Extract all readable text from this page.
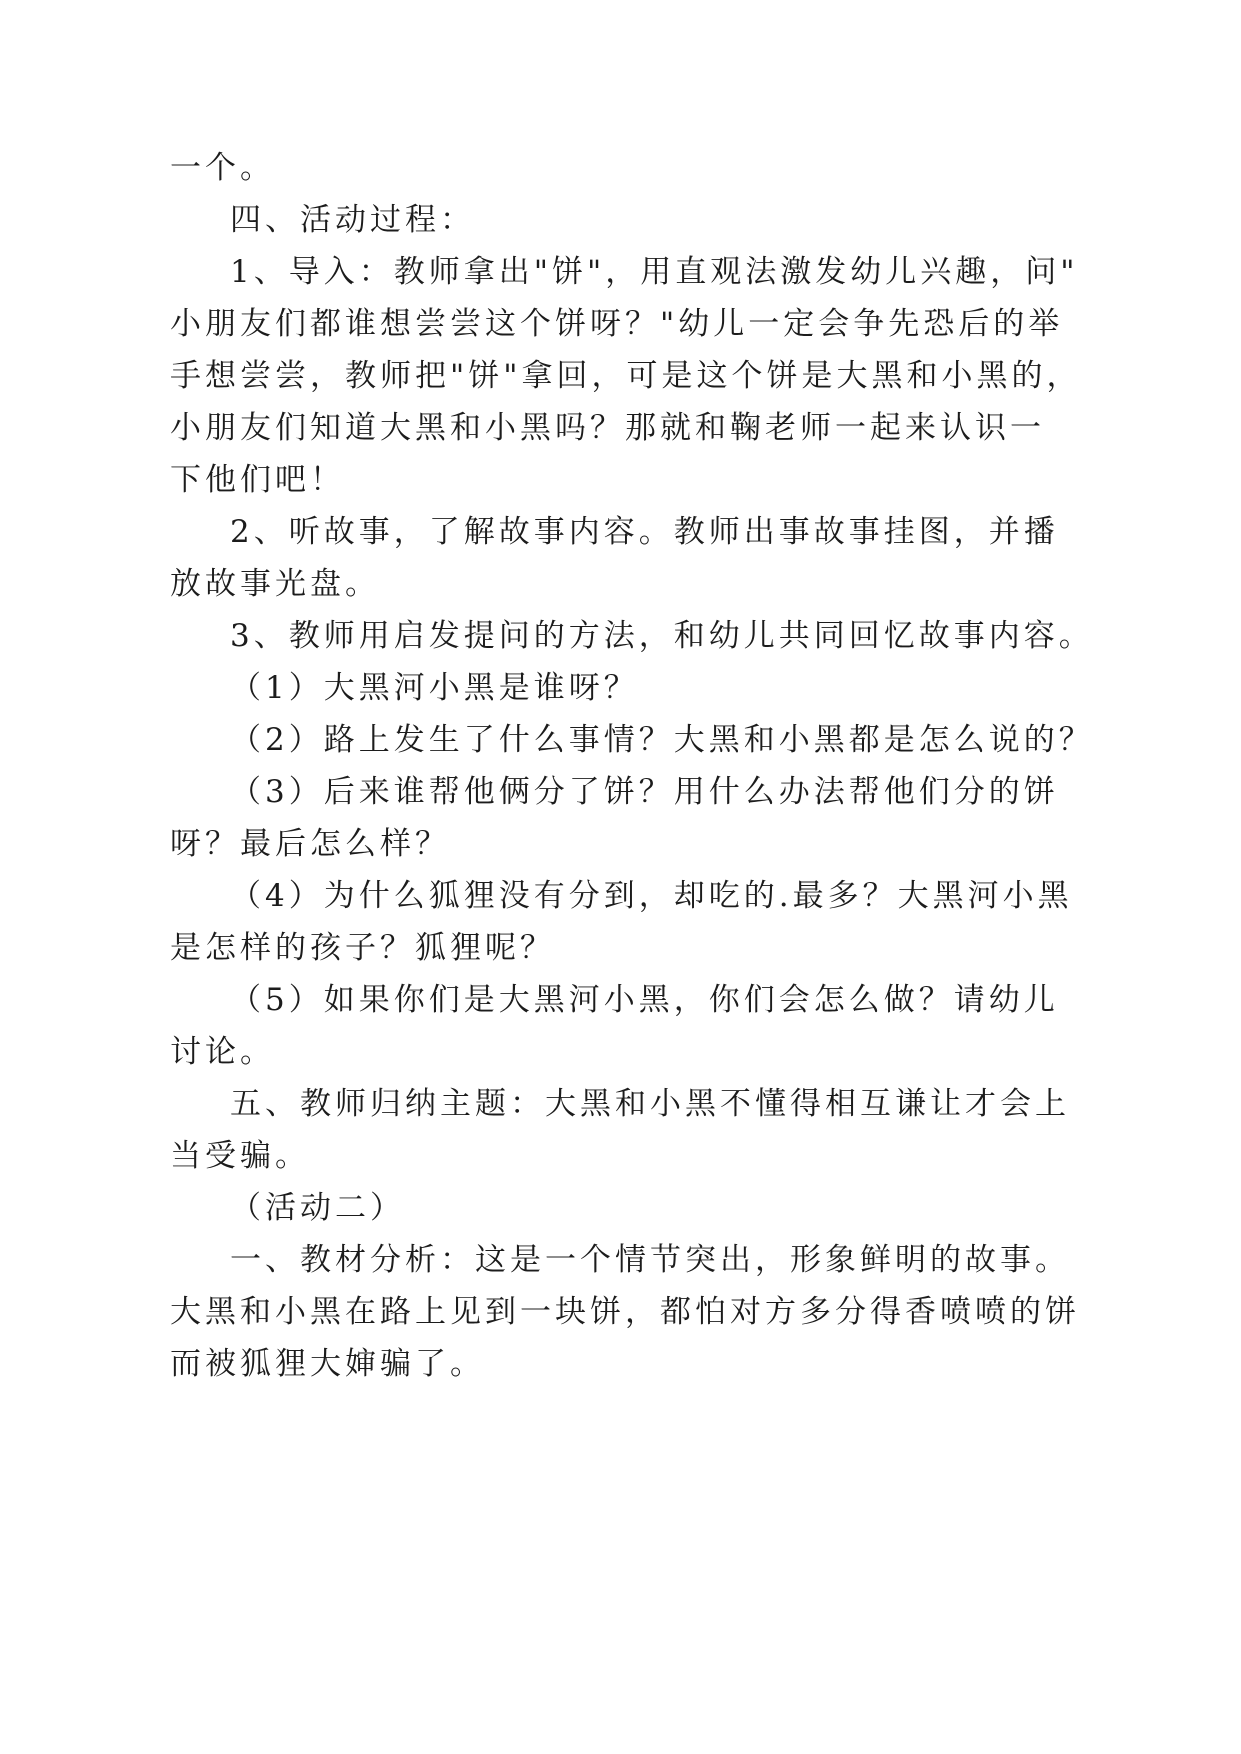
一个。

四、活动过程：

1、导入：教师拿出"饼"，用直观法激发幼儿兴趣，问"

小朋友们都谁想尝尝这个饼呀？"幼儿一定会争先恐后的举

手想尝尝，教师把"饼"拿回，可是这个饼是大黑和小黑的，

小朋友们知道大黑和小黑吗？那就和鞠老师一起来认识一

下他们吧！

2、听故事，了解故事内容。教师出事故事挂图，并播

放故事光盘。

3、教师用启发提问的方法，和幼儿共同回忆故事内容。

（1）大黑河小黑是谁呀？

（2）路上发生了什么事情？大黑和小黑都是怎么说的？

（3）后来谁帮他俩分了饼？用什么办法帮他们分的饼

呀？最后怎么样？

（4）为什么狐狸没有分到，却吃的.最多？大黑河小黑

是怎样的孩子？狐狸呢？

（5）如果你们是大黑河小黑，你们会怎么做？请幼儿

讨论。

五、教师归纳主题：大黑和小黑不懂得相互谦让才会上

当受骗。

（活动二）

一、教材分析：这是一个情节突出，形象鲜明的故事。

大黑和小黑在路上见到一块饼，都怕对方多分得香喷喷的饼

而被狐狸大婶骗了。
